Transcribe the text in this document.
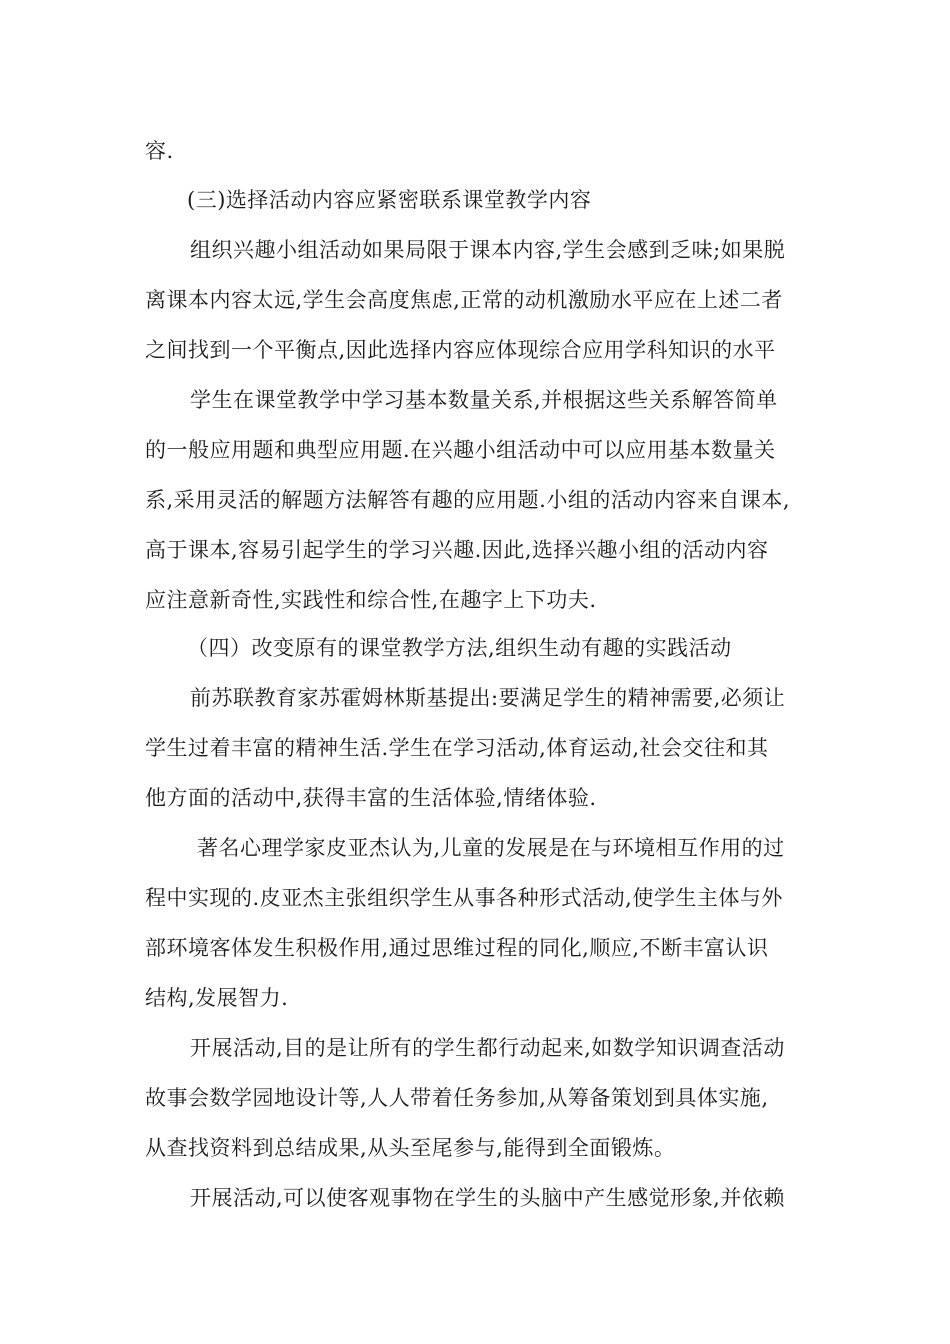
容.
(三)选择活动内容应紧密联系课堂教学内容
组织兴趣小组活动如果局限于课本内容,学生会感到乏味;如果脱
离课本内容太远,学生会高度焦虑,正常的动机激励水平应在上述二者
之间找到一个平衡点,因此选择内容应体现综合应用学科知识的水平
学生在课堂教学中学习基本数量关系,并根据这些关系解答简单
的一般应用题和典型应用题.在兴趣小组活动中可以应用基本数量关
系,采用灵活的解题方法解答有趣的应用题.小组的活动内容来自课本,
高于课本,容易引起学生的学习兴趣.因此,选择兴趣小组的活动内容
应注意新奇性,实践性和综合性,在趣字上下功夫.
（四）改变原有的课堂教学方法,组织生动有趣的实践活动
前苏联教育家苏霍姆林斯基提出:要满足学生的精神需要,必须让
学生过着丰富的精神生活.学生在学习活动,体育运动,社会交往和其
他方面的活动中,获得丰富的生活体验,情绪体验.
著名心理学家皮亚杰认为,儿童的发展是在与环境相互作用的过
程中实现的.皮亚杰主张组织学生从事各种形式活动,使学生主体与外
部环境客体发生积极作用,通过思维过程的同化,顺应,不断丰富认识
结构,发展智力.
开展活动,目的是让所有的学生都行动起来,如数学知识调查活动
故事会数学园地设计等,人人带着任务参加,从筹备策划到具体实施,
从查找资料到总结成果,从头至尾参与,能得到全面锻炼。
开展活动,可以使客观事物在学生的头脑中产生感觉形象,并依赖
